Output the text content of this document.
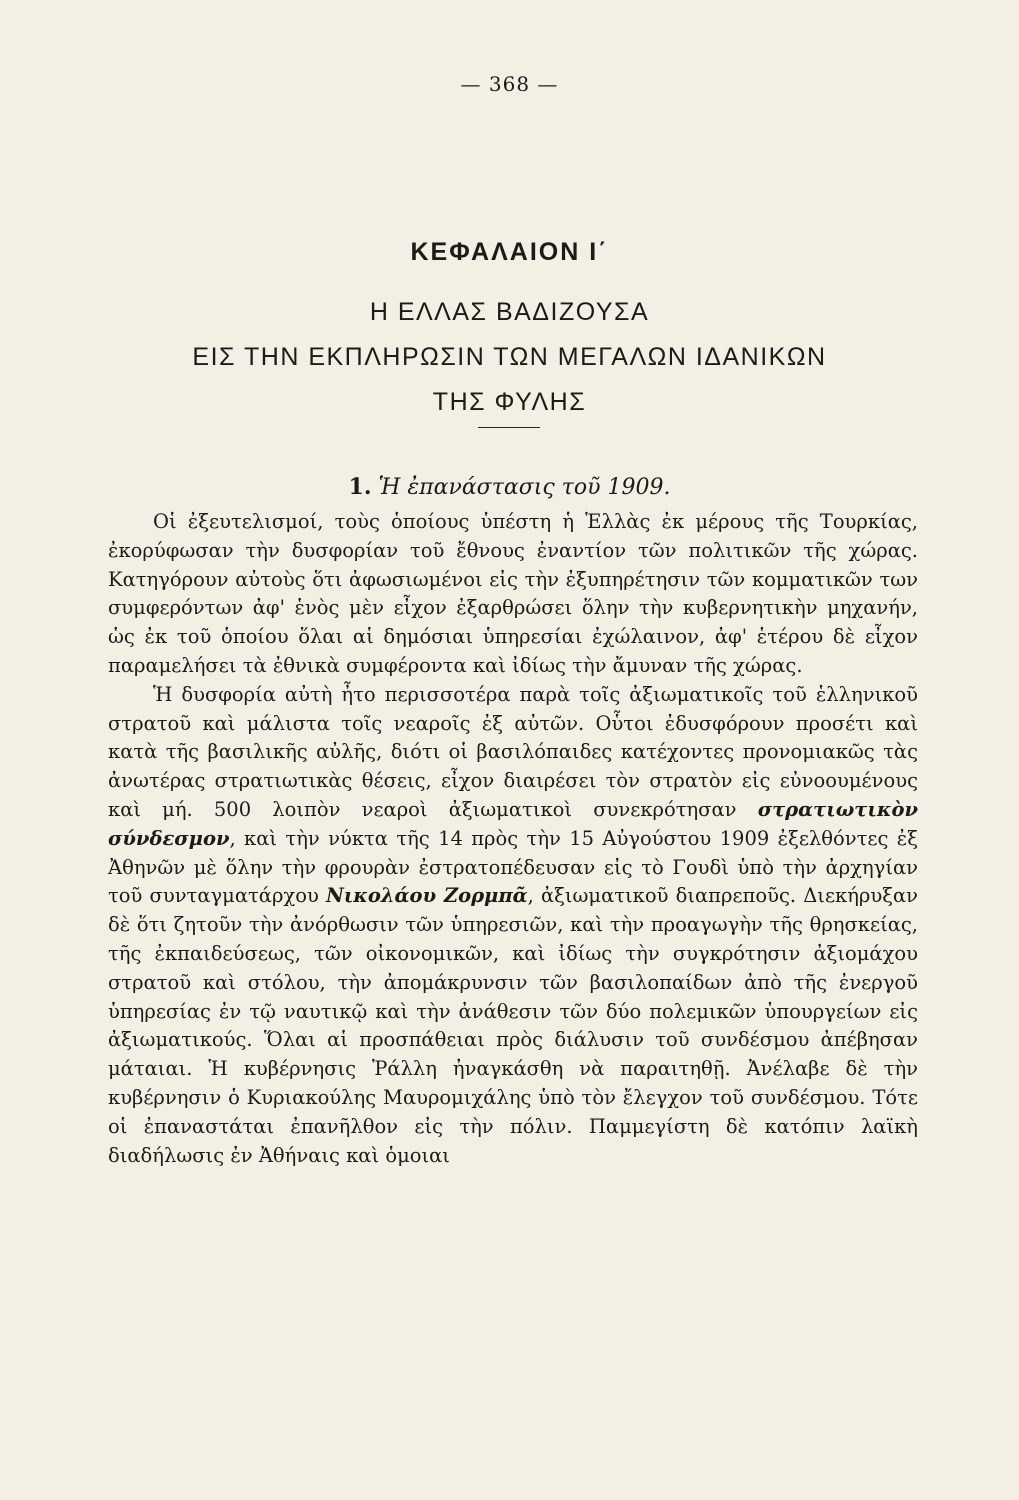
— 368 —
ΚΕΦΑΛΑΙΟΝ Ι΄
Η ΕΛΛΑΣ ΒΑΔΙΖΟΥΣΑ
ΕΙΣ ΤΗΝ ΕΚΠΛΗΡΩΣΙΝ ΤΩΝ ΜΕΓΑΛΩΝ ΙΔΑΝΙΚΩΝ
ΤΗΣ ΦΥΛΗΣ
1. Ἡ ἐπανάστασις τοῦ 1909.

Οἱ ἐξευτελισμοί, τοὺς ὁποίους ὑπέστη ἡ Ἑλλὰς ἐκ μέρους τῆς Τουρκίας, ἐκορύφωσαν τὴν δυσφορίαν τοῦ ἔθνους ἐναντίον τῶν πολιτικῶν τῆς χώρας. Κατηγόρουν αὐτοὺς ὅτι ἀφωσιωμένοι εἰς τὴν ἐξυπηρέτησιν τῶν κομματικῶν των συμφερόντων ἀφ' ἑνὸς μὲν εἶχον ἐξαρθρώσει ὅλην τὴν κυβερνητικὴν μηχανήν, ὡς ἐκ τοῦ ὁποίου ὅλαι αἱ δημόσιαι ὑπηρεσίαι ἐχώλαινον, ἀφ' ἑτέρου δὲ εἶχον παραμελήσει τὰ ἐθνικὰ συμφέροντα καὶ ἰδίως τὴν ἄμυναν τῆς χώρας.

Ἡ δυσφορία αὐτὴ ἦτο περισσοτέρα παρὰ τοῖς ἀξιωματικοῖς τοῦ ἑλληνικοῦ στρατοῦ καὶ μάλιστα τοῖς νεαροῖς ἐξ αὐτῶν. Οὗτοι ἐδυσφόρουν προσέτι καὶ κατὰ τῆς βασιλικῆς αὐλῆς, διότι οἱ βασιλόπαιδες κατέχοντες προνομιακῶς τὰς ἀνωτέρας στρατιωτικὰς θέσεις, εἶχον διαιρέσει τὸν στρατὸν εἰς εὐνοουμένους καὶ μή. 500 λοιπὸν νεαροὶ ἀξιωματικοὶ συνεκρότησαν στρατιωτικὸν σύνδεσμον, καὶ τὴν νύκτα τῆς 14 πρὸς τὴν 15 Αὐγούστου 1909 ἐξελθόντες ἐξ Ἀθηνῶν μὲ ὅλην τὴν φρουρὰν ἐστρατοπέδευσαν εἰς τὸ Γουδὶ ὑπὸ τὴν ἀρχηγίαν τοῦ συνταγματάρχου Νικολάου Ζορμπᾶ, ἀξιωματικοῦ διαπρεποῦς. Διεκήρυξαν δὲ ὅτι ζητοῦν τὴν ἀνόρθωσιν τῶν ὑπηρεσιῶν, καὶ τὴν προαγωγὴν τῆς θρησκείας, τῆς ἐκπαιδεύσεως, τῶν οἰκονομικῶν, καὶ ἰδίως τὴν συγκρότησιν ἀξιομάχου στρατοῦ καὶ στόλου, τὴν ἀπομάκρυνσιν τῶν βασιλοπαίδων ἀπὸ τῆς ἐνεργοῦ ὑπηρεσίας ἐν τῷ ναυτικῷ καὶ τὴν ἀνάθεσιν τῶν δύο πολεμικῶν ὑπουργείων εἰς ἀξιωματικούς. Ὅλαι αἱ προσπάθειαι πρὸς διάλυσιν τοῦ συνδέσμου ἀπέβησαν μάταιαι. Ἡ κυβέρνησις Ῥάλλη ἠναγκάσθη νὰ παραιτηθῇ. Ἀνέλαβε δὲ τὴν κυβέρνησιν ὁ Κυριακούλης Μαυρομιχάλης ὑπὸ τὸν ἔλεγχον τοῦ συνδέσμου. Τότε οἱ ἐπαναστάται ἐπανῆλθον εἰς τὴν πόλιν. Παμμεγίστη δὲ κατόπιν λαϊκὴ διαδήλωσις ἐν Ἀθήναις καὶ ὁμοιαι
